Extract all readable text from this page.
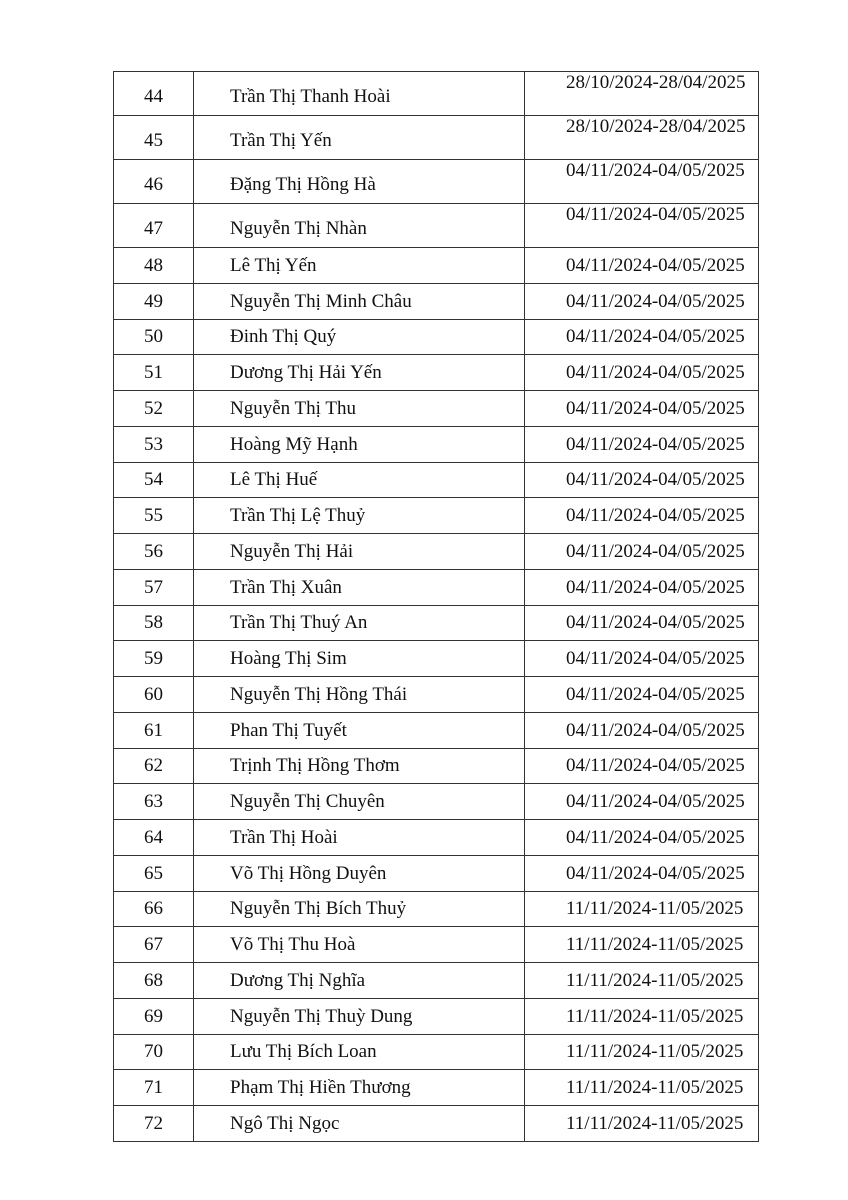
44	Trần Thị Thanh Hoài	28/10/2024-28/04/2025
45	Trần Thị Yến	28/10/2024-28/04/2025
46	Đặng Thị Hồng Hà	04/11/2024-04/05/2025
47	Nguyễn Thị Nhàn	04/11/2024-04/05/2025
48	Lê Thị Yến	04/11/2024-04/05/2025
49	Nguyễn Thị Minh Châu	04/11/2024-04/05/2025
50	Đinh Thị Quý	04/11/2024-04/05/2025
51	Dương Thị Hải Yến	04/11/2024-04/05/2025
52	Nguyễn Thị Thu	04/11/2024-04/05/2025
53	Hoàng Mỹ Hạnh	04/11/2024-04/05/2025
54	Lê Thị Huế	04/11/2024-04/05/2025
55	Trần Thị Lệ Thuỷ	04/11/2024-04/05/2025
56	Nguyễn Thị Hải	04/11/2024-04/05/2025
57	Trần Thị Xuân	04/11/2024-04/05/2025
58	Trần Thị Thuý An	04/11/2024-04/05/2025
59	Hoàng Thị Sim	04/11/2024-04/05/2025
60	Nguyễn Thị Hồng Thái	04/11/2024-04/05/2025
61	Phan Thị Tuyết	04/11/2024-04/05/2025
62	Trịnh Thị Hồng Thơm	04/11/2024-04/05/2025
63	Nguyễn Thị Chuyên	04/11/2024-04/05/2025
64	Trần Thị Hoài	04/11/2024-04/05/2025
65	Võ Thị Hồng Duyên	04/11/2024-04/05/2025
66	Nguyễn Thị Bích Thuỷ	11/11/2024-11/05/2025
67	Võ Thị Thu Hoà	11/11/2024-11/05/2025
68	Dương Thị Nghĩa	11/11/2024-11/05/2025
69	Nguyễn Thị Thuỳ Dung	11/11/2024-11/05/2025
70	Lưu Thị Bích Loan	11/11/2024-11/05/2025
71	Phạm Thị Hiền Thương	11/11/2024-11/05/2025
72	Ngô Thị Ngọc	11/11/2024-11/05/2025
